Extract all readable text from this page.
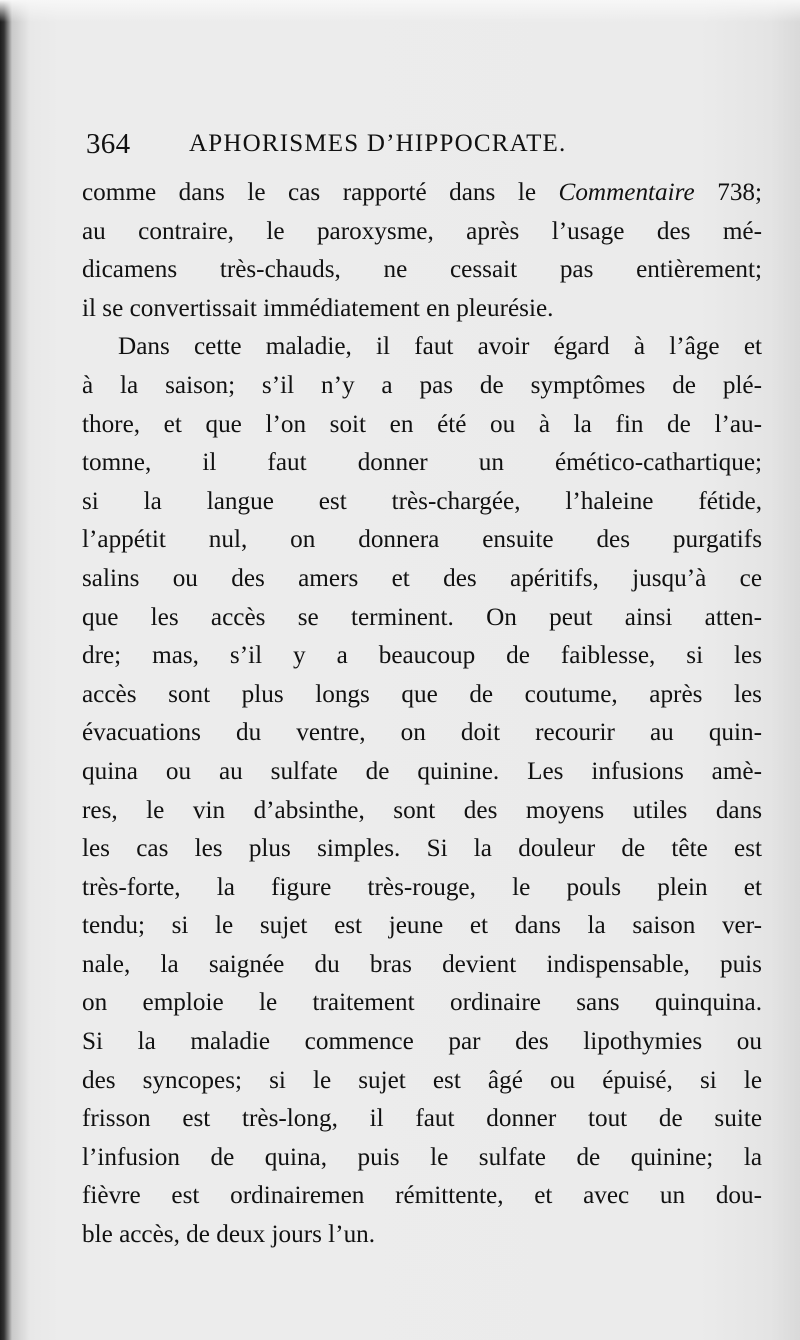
364 APHORISMES D’HIPPOCRATE.
comme dans le cas rapporté dans le Commentaire 738;
au contraire, le paroxysme, après l’usage des mé-
dicamens très-chauds, ne cessait pas entièrement;
il se convertissait immédiatement en pleurésie.
Dans cette maladie, il faut avoir égard à l’âge et
à la saison; s’il n’y a pas de symptômes de plé-
thore, et que l’on soit en été ou à la fin de l’au-
tomne, il faut donner un émético-cathartique;
si la langue est très-chargée, l’haleine fétide,
l’appétit nul, on donnera ensuite des purgatifs
salins ou des amers et des apéritifs, jusqu’à ce
que les accès se terminent. On peut ainsi atten-
dre; mas, s’il y a beaucoup de faiblesse, si les
accès sont plus longs que de coutume, après les
évacuations du ventre, on doit recourir au quin-
quina ou au sulfate de quinine. Les infusions amè-
res, le vin d’absinthe, sont des moyens utiles dans
les cas les plus simples. Si la douleur de tête est
très-forte, la figure très-rouge, le pouls plein et
tendu; si le sujet est jeune et dans la saison ver-
nale, la saignée du bras devient indispensable, puis
on emploie le traitement ordinaire sans quinquina.
Si la maladie commence par des lipothymies ou
des syncopes; si le sujet est âgé ou épuisé, si le
frisson est très-long, il faut donner tout de suite
l’infusion de quina, puis le sulfate de quinine; la
fièvre est ordinairemen rémittente, et avec un dou-
ble accès, de deux jours l’un.
